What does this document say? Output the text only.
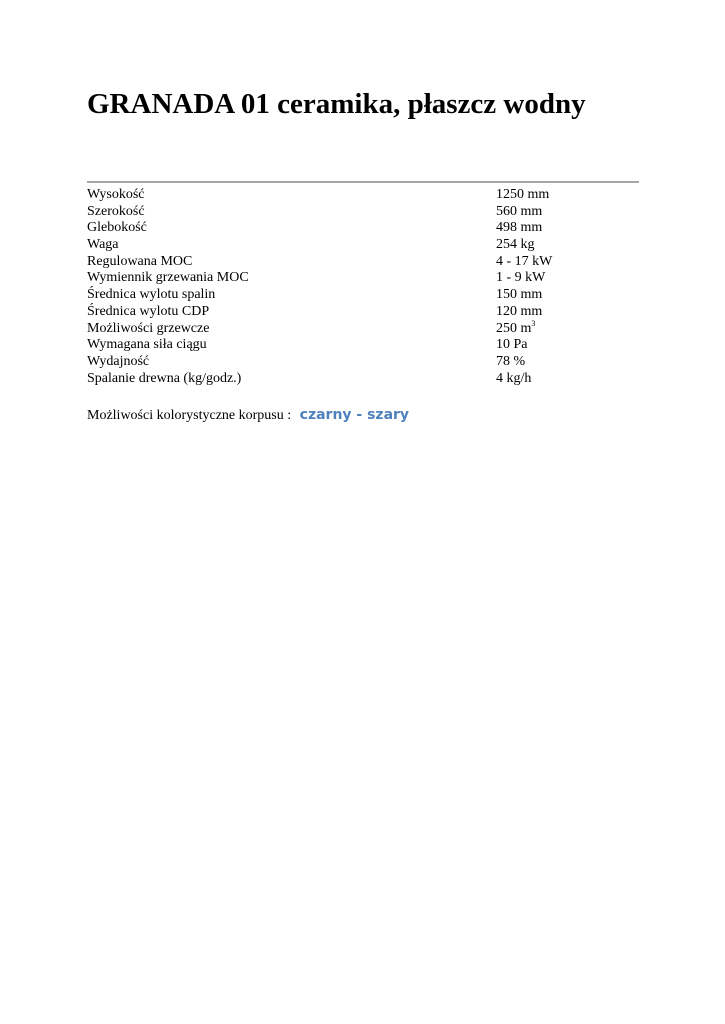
GRANADA 01 ceramika, płaszcz wodny
Wysokość	1250 mm
Szerokość	560 mm
Glebokość	498 mm
Waga	254 kg
Regulowana MOC	4 - 17 kW
Wymiennik grzewania MOC	1 - 9 kW
Średnica wylotu spalin	150 mm
Średnica wylotu CDP	120 mm
Możliwości grzewcze	250 $m^3$
Wymagana siła ciągu	10 Pa
Wydajność	78 %
Spalanie drewna (kg/godz.)	4 kg/h
Możliwości kolorystyczne korpusu : czarny - szary
